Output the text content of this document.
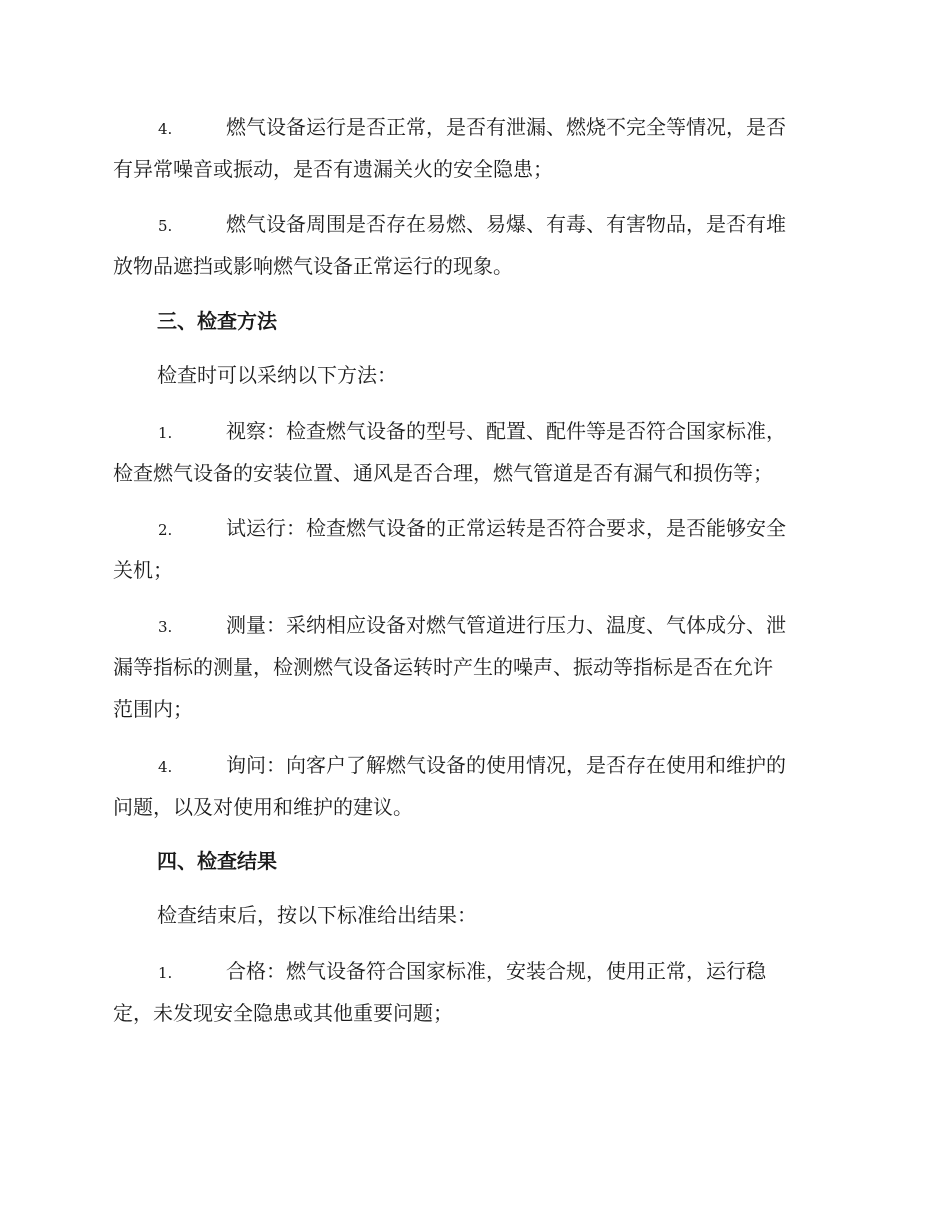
4.	燃气设备运行是否正常，是否有泄漏、燃烧不完全等情况，是否
有异常噪音或振动，是否有遗漏关火的安全隐患；
5.	燃气设备周围是否存在易燃、易爆、有毒、有害物品，是否有堆
放物品遮挡或影响燃气设备正常运行的现象。
三、检查方法
检查时可以采纳以下方法：
1.	视察：检查燃气设备的型号、配置、配件等是否符合国家标准，
检查燃气设备的安装位置、通风是否合理，燃气管道是否有漏气和损伤等；
2.	试运行：检查燃气设备的正常运转是否符合要求，是否能够安全
关机；
3.	测量：采纳相应设备对燃气管道进行压力、温度、气体成分、泄
漏等指标的测量，检测燃气设备运转时产生的噪声、振动等指标是否在允许
范围内；
4.	询问：向客户了解燃气设备的使用情况，是否存在使用和维护的
问题，以及对使用和维护的建议。
四、检查结果
检查结束后，按以下标准给出结果：
1.	合格：燃气设备符合国家标准，安装合规，使用正常，运行稳
定，未发现安全隐患或其他重要问题；
